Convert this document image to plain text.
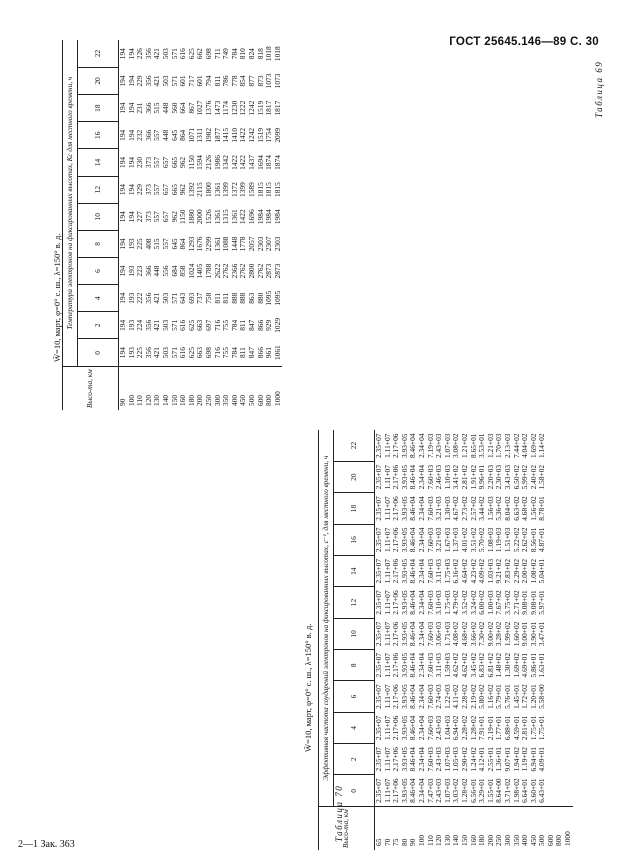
ГОСТ 25645.146—89 С. 30
Таблица 69
W̄=10, март, φ=0° с. ш., λ=150° в. д.
Высо-та, км	Температура электронов на фиксированных высотах, Кс для местного времени, ч											
	0	2	4	6	8	10	12	14	16	18	20	22
90	194	194	194	194	194	194	194	194	194	194	194	194
100	193	193	193	193	193	194	194	194	194	194	194	194
110	225	224	222	223	225	227	229	230	232	231	229	226
120	356	356	356	366	408	373	373	373	366	366	356	356
130	421	421	421	448	515	557	557	557	557	515	421	421
140	503	503	503	556	557	657	657	657	448	448	503	503
150	571	571	571	684	645	962	665	665	645	560	571	571
160	616	616	643	858	864	1150	962	962	864	664	601	616
180	625	625	693	1024	1293	1880	1392	1150	1071	867	717	625
200	663	663	737	1405	1676	2000	2115	1594	1311	1027	601	662
250	698	697	758	1788	2299	1526	1800	2126	1982	1376	794	698
300	716	716	811	2622	1361	1361	1361	1986	1877	1473	811	711
350	755	755	811	2762	1088	1315	1399	1342	1415	1174	786	749
400	784	784	888	2366	1448	1361	1372	1422	1410	1230	778	784
450	811	811	888	2762	1778	1422	1399	1422	1422	1222	854	810
500	847	847	863	2800	2057	1696	1589	1437	1242	1242	877	824
600	866	866	880	2762	2303	1984	1815	1694	1519	1519	873	818
800	961	929	1095	2873	2307	1984	1815	1874	1754	1817	1073	1018
1000	1061	1029	1095	2873	2303	1984	1815	1874	2099	1817	1073	1018
Таблица 70
W̄=10, март, φ=0° с. ш., λ=150° в. д.
Высо-та, км	Эффективная частота соударений электронов на фиксированных высотах, с⁻¹, для местного времени, ч											
	0	2	4	6	8	10	12	14	16	18	20	22
65	2.35+07	2.35+07	2.35+07	2.35+07	2.35+07	2.35+07	2.35+07	2.35+07	2.35+07	2.35+07	2.35+07	2.35+07
70	1.11+07	1.11+07	1.11+07	1.11+07	1.11+07	1.11+07	1.11+07	1.11+07	1.11+07	1.11+07	1.11+07	1.11+07
75	2.17+06	2.17+06	2.17+06	2.17+06	2.17+06	2.17+06	2.17+06	2.17+06	2.17+06	2.17+06	2.17+06	2.17+06
80	3.93+05	3.93+05	3.93+05	3.93+05	3.93+05	3.93+05	3.93+05	3.93+05	3.93+05	3.93+05	3.93+05	3.93+05
90	8.46+04	8.46+04	8.46+04	8.46+04	8.46+04	8.46+04	8.46+04	8.46+04	8.46+04	8.46+04	8.46+04	8.46+04
100	2.34+04	2.34+04	2.34+04	2.34+04	2.34+04	2.34+04	2.34+04	2.34+04	2.34+04	2.34+04	2.34+04	2.34+04
110	7.47+03	7.60+03	7.60+03	7.60+03	7.60+03	7.60+03	7.60+03	7.60+03	7.60+03	7.60+03	7.60+03	7.19+03
120	2.43+03	2.43+03	2.43+03	2.74+03	3.11+03	3.06+03	3.10+03	3.11+03	3.21+03	3.21+03	2.46+03	2.43+03
130	1.07+03	1.07+03	1.04+03	1.22+03	1.59+03	1.71+03	1.75+03	1.75+03	1.67+03	1.30+03	1.10+03	1.07+03
140	3.03+02	1.05+03	6.94+02	4.11+02	4.62+02	4.08+02	4.79+02	6.16+02	1.37+03	4.67+02	3.41+02	3.08+02
150	1.28+02	2.90+02	2.28+02	2.28+02	4.62+02	4.68+02	3.52+02	4.64+02	4.01+02	2.73+02	2.81+02	1.21+02
160	6.56+01	1.24+02	1.28+02	2.19+02	3.45+02	3.66+02	3.24+02	4.23+02	3.51+02	2.57+02	1.91+02	8.65+01
180	3.29+01	4.12+01	7.91+01	5.80+02	6.83+02	7.30+02	6.00+02	4.09+02	5.70+02	3.44+02	9.96+01	3.53+01
200	1.55+01	2.55+01	2.19+01	1.16+02	6.81+02	9.00+02	1.00+03	1.03+03	1.08+03	1.56+03	2.20+03	1.21+03
250	8.64+00	1.36+01	1.77+01	5.79+01	1.48+02	3.28+02	7.67+02	9.21+02	1.19+03	5.36+02	2.30+03	1.70+03
300	3.71+02	9.07+01	6.88+01	5.76+01	1.30+02	1.99+02	3.75+02	7.83+02	1.51+03	8.04+02	3.43+03	2.13+03
350	1.98+02	1.94+02	4.59+01	1.45+01	1.69+02	1.60+02	2.71+02	2.29+02	5.22+02	6.63+02	6.50+02	7.44+02
400	6.64+01	1.19+02	2.81+01	1.72+02	4.69+01	9.00+01	9.08+01	2.00+02	2.62+02	4.68+02	5.99+02	4.04+02
450	3.60+01	6.94+01	1.75+01	1.20+01	5.86+01	3.90+01	9.08+01	1.08+02	8.56+01	1.56+02	2.40+02	1.69+02
500	6.43+01	4.09+01	1.75+01	5.58+00	1.63+01	3.47+01	5.97+01	5.04+01	4.87+01	8.78+01	1.58+02	1.14+02
600												
800												
1000												
2—1 Зак. 363
